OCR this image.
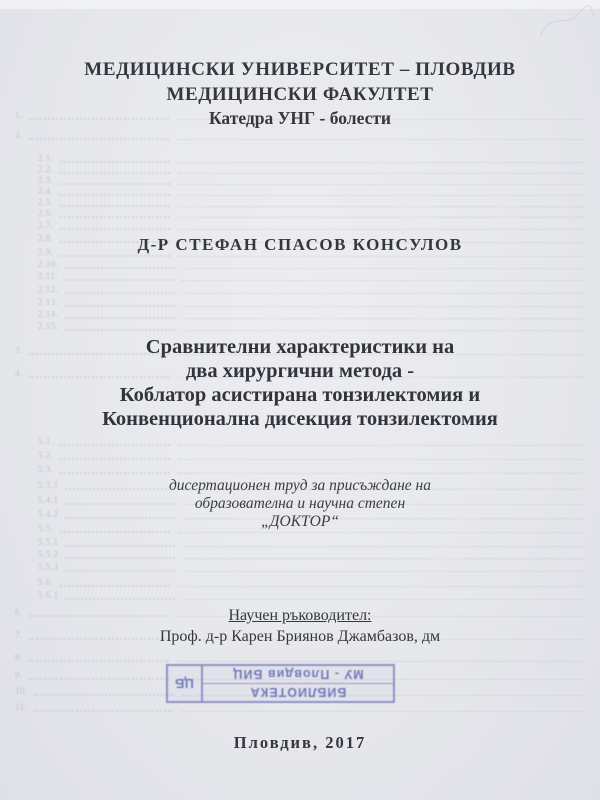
1.
2.
2.1.
2.2.
2.3.
2.4.
2.5.
2.6.
2.7.
2.8.
2.9.
2.10.
2.11.
2.12.
2.13.
2.14.
2.15.
3.
4.
5.1.
5.2.
5.3.
5.3.1
5.4.1
5.4.2
5.5.
5.5.1
5.5.2
5.5.3
5.6.
5.6.1
6.
7.
8.
9.
10.
11.
МЕДИЦИНСКИ УНИВЕРСИТЕТ – ПЛОВДИВ
МЕДИЦИНСКИ ФАКУЛТЕТ
Катедра УНГ - болести
Д-Р СТЕФАН СПАСОВ КОНСУЛОВ
Сравнителни характеристики на
два хирургични метода -
Коблатор асистирана тонзилектомия и
Конвенционална дисекция тонзилектомия
дисертационен труд за присъждане на
образователна и научна степен
„ДОКТОР“
Научен ръководител:
Проф. д-р Карен Бриянов Джамбазов, дм
БИБЛИОТЕКА
МУ - Пловдив БИЦ
ЦБ
Пловдив, 2017
